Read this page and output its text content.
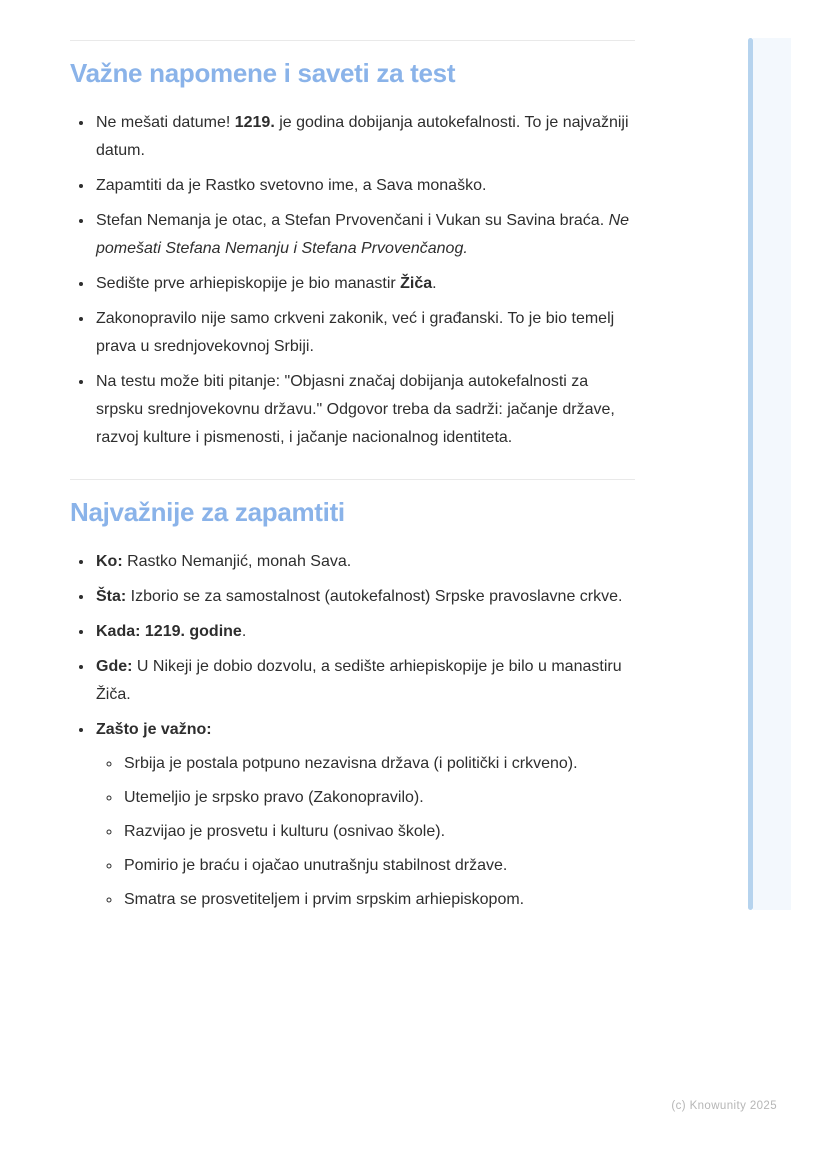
Važne napomene i saveti za test
• Ne mešati datume! 1219. je godina dobijanja autokefalnosti. To je najvažniji datum.
• Zapamtiti da je Rastko svetovno ime, a Sava monaško.
• Stefan Nemanja je otac, a Stefan Prvovenčani i Vukan su Savina braća. Ne pomešati Stefana Nemanju i Stefana Prvovenčanog.
• Sedište prve arhiepiskopije je bio manastir Žiča.
• Zakonopravilo nije samo crkveni zakonik, već i građanski. To je bio temelj prava u srednjovekovnoj Srbiji.
• Na testu može biti pitanje: "Objasni značaj dobijanja autokefalnosti za srpsku srednjovekovnu državu." Odgovor treba da sadrži: jačanje države, razvoj kulture i pismenosti, i jačanje nacionalnog identiteta.
Najvažnije za zapamtiti
• Ko: Rastko Nemanjić, monah Sava.
• Šta: Izborio se za samostalnost (autokefalnost) Srpske pravoslavne crkve.
• Kada: 1219. godine.
• Gde: U Nikeji je dobio dozvolu, a sedište arhiepiskopije je bilo u manastiru Žiča.
• Zašto je važno:
◦ Srbija je postala potpuno nezavisna država (i politički i crkveno).
◦ Utemeljio je srpsko pravo (Zakonopravilo).
◦ Razvijao je prosvetu i kulturu (osnivao škole).
◦ Pomirio je braću i ojačao unutrašnju stabilnost države.
◦ Smatra se prosvetiteljem i prvim srpskim arhiepiskopom.
(c) Knowunity 2025
